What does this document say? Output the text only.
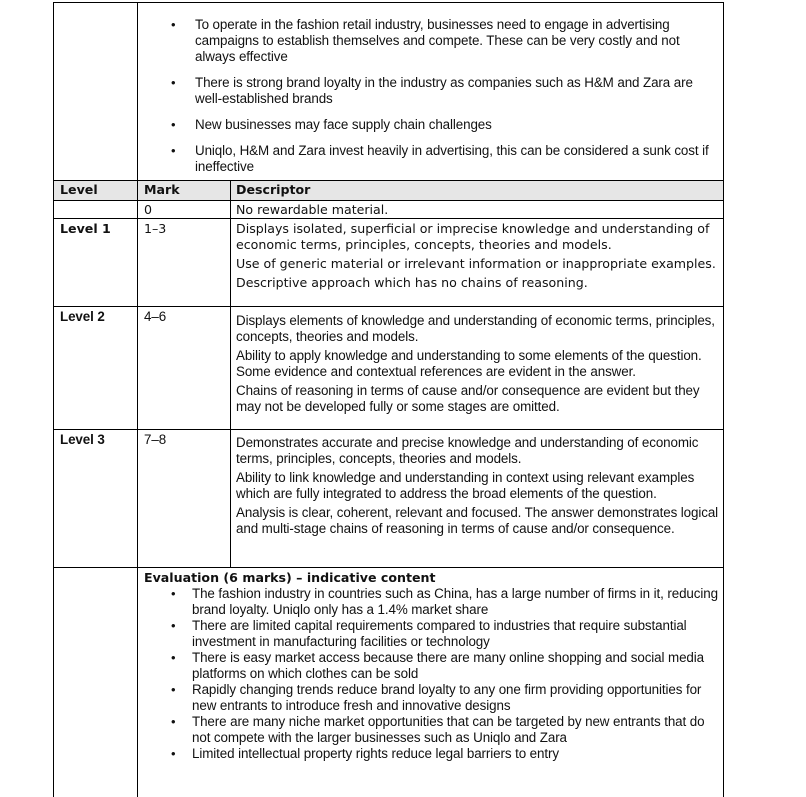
• To operate in the fashion retail industry, businesses need to engage in advertising campaigns to establish themselves and compete. These can be very costly and not always effective
• There is strong brand loyalty in the industry as companies such as H&M and Zara are well-established brands
• New businesses may face supply chain challenges
• Uniqlo, H&M and Zara invest heavily in advertising, this can be considered a sunk cost if ineffective
Level	Mark	Descriptor
0	No rewardable material.
Level 1	1–3	Displays isolated, superficial or imprecise knowledge and understanding of economic terms, principles, concepts, theories and models.
Use of generic material or irrelevant information or inappropriate examples.
Descriptive approach which has no chains of reasoning.
Level 2	4–6	Displays elements of knowledge and understanding of economic terms, principles, concepts, theories and models.
Ability to apply knowledge and understanding to some elements of the question. Some evidence and contextual references are evident in the answer.
Chains of reasoning in terms of cause and/or consequence are evident but they may not be developed fully or some stages are omitted.
Level 3	7–8	Demonstrates accurate and precise knowledge and understanding of economic terms, principles, concepts, theories and models.
Ability to link knowledge and understanding in context using relevant examples which are fully integrated to address the broad elements of the question.
Analysis is clear, coherent, relevant and focused. The answer demonstrates logical and multi-stage chains of reasoning in terms of cause and/or consequence.
Evaluation (6 marks) – indicative content
• The fashion industry in countries such as China, has a large number of firms in it, reducing brand loyalty. Uniqlo only has a 1.4% market share
• There are limited capital requirements compared to industries that require substantial investment in manufacturing facilities or technology
• There is easy market access because there are many online shopping and social media platforms on which clothes can be sold
• Rapidly changing trends reduce brand loyalty to any one firm providing opportunities for new entrants to introduce fresh and innovative designs
• There are many niche market opportunities that can be targeted by new entrants that do not compete with the larger businesses such as Uniqlo and Zara
• Limited intellectual property rights reduce legal barriers to entry
